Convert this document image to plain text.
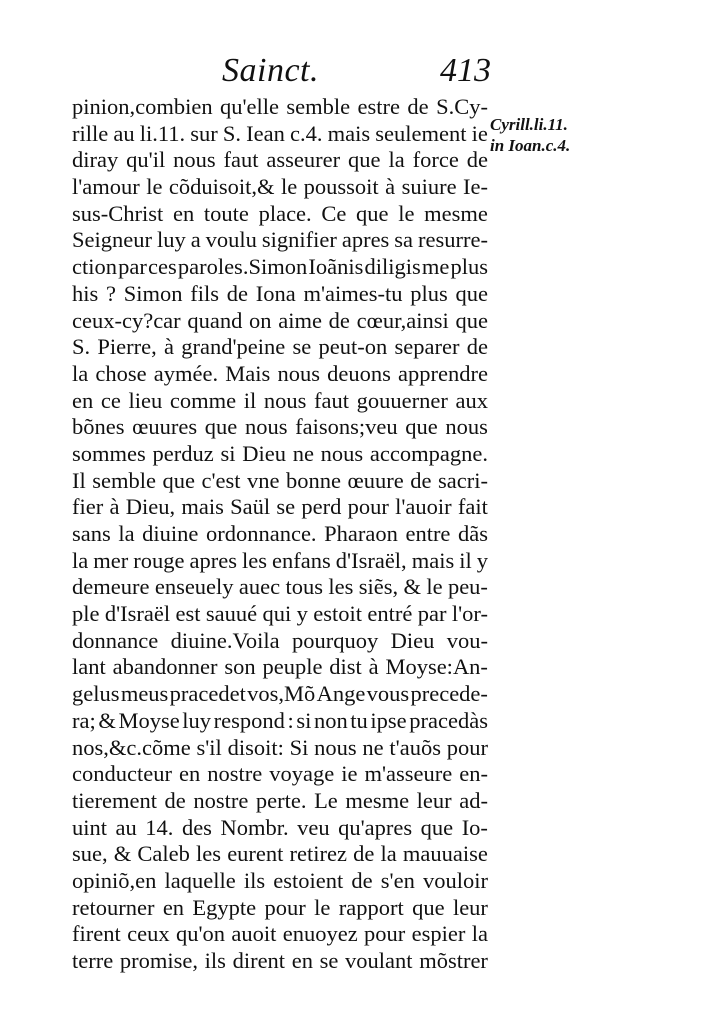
Sainct.	413
Cyrill.li.11.
in Ioan.c.4.
pinion,combien qu'elle semble estre de S.Cy-
rille au li.11. sur S. Iean c.4. mais seulement ie
diray qu'il nous faut asseurer que la force de
l'amour le cõduisoit,& le poussoit à suiure Ie-
sus-Christ en toute place. Ce que le mesme
Seigneur luy a voulu signifier apres sa resurre-
ction par ces paroles.Simon Ioãnis diligis me plus
his ? Simon fils de Iona m'aimes-tu plus que
ceux-cy?car quand on aime de cœur,ainsi que
S. Pierre, à grand'peine se peut-on separer de
la chose aymée. Mais nous deuons apprendre
en ce lieu comme il nous faut gouuerner aux
bõnes œuures que nous faisons;veu que nous
sommes perduz si Dieu ne nous accompagne.
Il semble que c'est vne bonne œuure de sacri-
fier à Dieu, mais Saül se perd pour l'auoir fait
sans la diuine ordonnance. Pharaon entre dãs
la mer rouge apres les enfans d'Israël, mais il y
demeure enseuely auec tous les siẽs, & le peu-
ple d'Israël est sauué qui y estoit entré par l'or-
donnance diuine.Voila pourquoy Dieu vou-
lant abandonner son peuple dist à Moyse:An-
gelus meus pracedet vos,Mõ Ange vous precede-
ra; & Moyse luy respond : si non tu ipse pracedàs
nos,&c.cõme s'il disoit: Si nous ne t'auõs pour
conducteur en nostre voyage ie m'asseure en-
tierement de nostre perte. Le mesme leur ad-
uint au 14. des Nombr. veu qu'apres que Io-
sue, & Caleb les eurent retirez de la mauuaise
opiniõ,en laquelle ils estoient de s'en vouloir
retourner en Egypte pour le rapport que leur
firent ceux qu'on auoit enuoyez pour espier la
terre promise, ils dirent en se voulant mõstrer
